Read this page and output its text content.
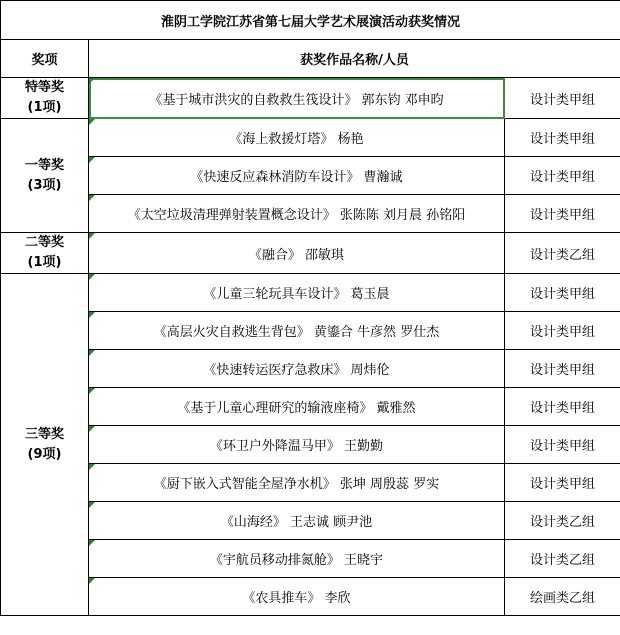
淮阴工学院江苏省第七届大学艺术展演活动获奖情况		
奖项	获奖作品名称/人员	

特等奖
(1项)	《基于城市洪灾的自救救生筏设计》 郭东钧 邓申昀	设计类甲组

一等奖
(3项)	《海上救援灯塔》 杨艳	设计类甲组

《快速反应森林消防车设计》 曹瀚诚	设计类甲组

《太空垃圾清理弹射装置概念设计》 张陈陈 刘月晨 孙铭阳	设计类甲组

二等奖
(1项)	《融合》 邵敏琪	设计类乙组

三等奖
(9项)	《儿童三轮玩具车设计》 葛玉晨	设计类甲组

《高层火灾自救逃生背包》 黄鎏合 牛彦然 罗仕杰	设计类甲组

《快速转运医疗急救床》 周炜伦	设计类甲组

《基于儿童心理研究的输液座椅》 戴雅然	设计类甲组

《环卫户外降温马甲》 王勤勤	设计类甲组

《厨下嵌入式智能全屋净水机》 张坤 周殷蕊 罗实	设计类甲组

《山海经》 王志诚 顾尹池	设计类乙组

《宇航员移动排氮舱》 王晓宇	设计类乙组

《农具推车》 李欣	绘画类乙组
